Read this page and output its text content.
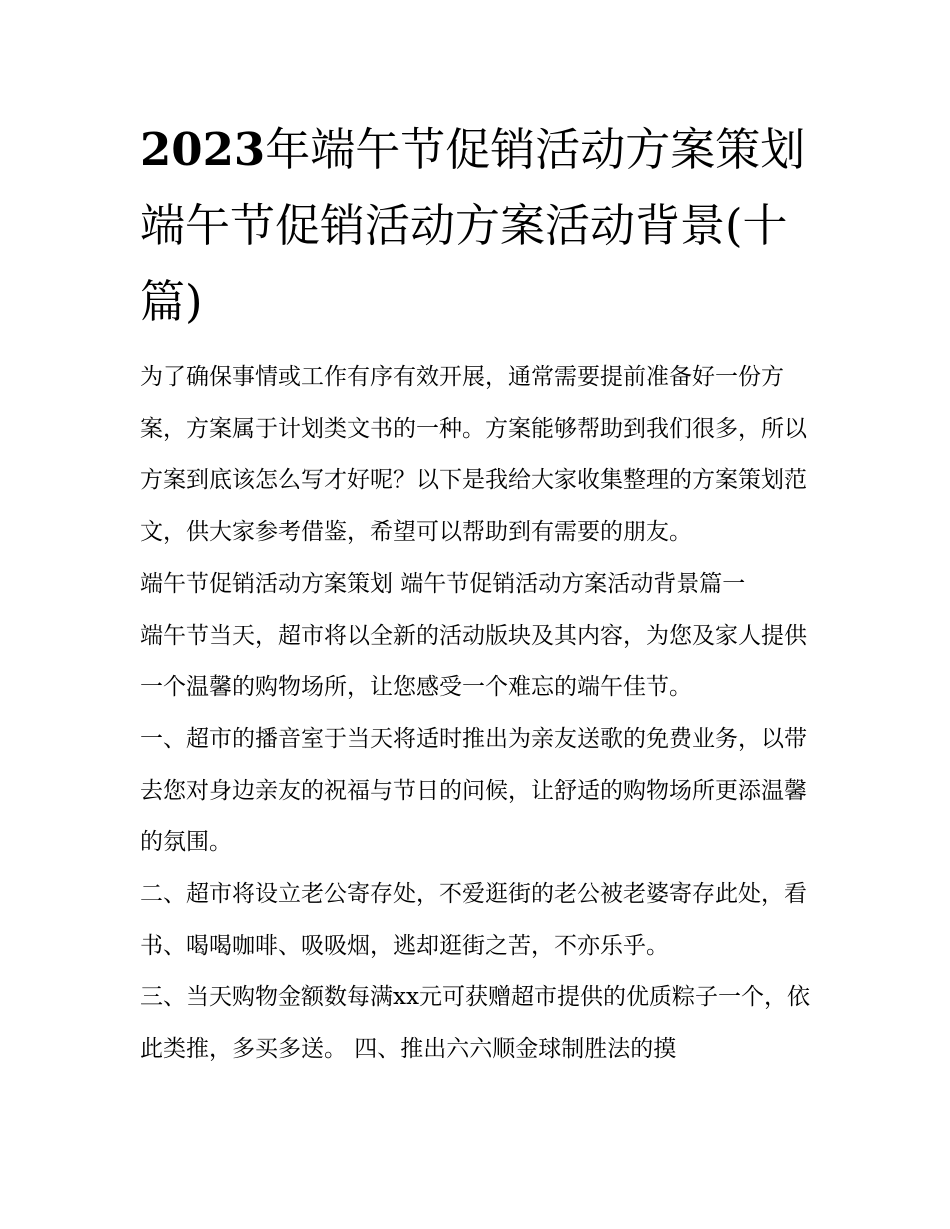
2023年端午节促销活动方案策划 端午节促销活动方案活动背景(十篇)

为了确保事情或工作有序有效开展，通常需要提前准备好一份方案，方案属于计划类文书的一种。方案能够帮助到我们很多，所以方案到底该怎么写才好呢？以下是我给大家收集整理的方案策划范文，供大家参考借鉴，希望可以帮助到有需要的朋友。

端午节促销活动方案策划 端午节促销活动方案活动背景篇一

端午节当天，超市将以全新的活动版块及其内容，为您及家人提供一个温馨的购物场所，让您感受一个难忘的端午佳节。

一、超市的播音室于当天将适时推出为亲友送歌的免费业务，以带去您对身边亲友的祝福与节日的问候，让舒适的购物场所更添温馨的氛围。

二、超市将设立老公寄存处，不爱逛街的老公被老婆寄存此处，看书、喝喝咖啡、吸吸烟，逃却逛街之苦，不亦乐乎。

三、当天购物金额数每满xx元可获赠超市提供的优质粽子一个，依此类推，多买多送。 四、推出六六顺金球制胜法的摸
